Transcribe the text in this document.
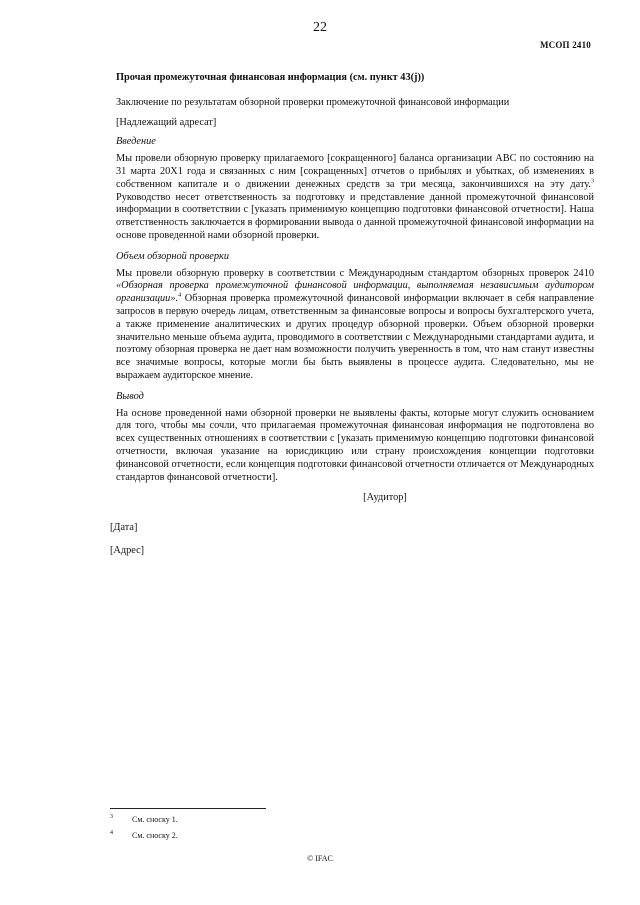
22
МСОП 2410
Прочая промежуточная финансовая информация (см. пункт 43(j))
Заключение по результатам обзорной проверки промежуточной финансовой информации
[Надлежащий адресат]
Введение
Мы провели обзорную проверку прилагаемого [сокращенного] баланса организации ABC по состоянию на 31 марта 20X1 года и связанных с ним [сокращенных] отчетов о прибылях и убытках, об изменениях в собственном капитале и о движении денежных средств за три месяца, закончившихся на эту дату.$^3$ Руководство несет ответственность за подготовку и представление данной промежуточной финансовой информации в соответствии с [указать применимую концепцию подготовки финансовой отчетности]. Наша ответственность заключается в формировании вывода о данной промежуточной финансовой информации на основе проведенной нами обзорной проверки.
Объем обзорной проверки
Мы провели обзорную проверку в соответствии с Международным стандартом обзорных проверок 2410 «Обзорная проверка промежуточной финансовой информации, выполняемая независимым аудитором организации».$^4$ Обзорная проверка промежуточной финансовой информации включает в себя направление запросов в первую очередь лицам, ответственным за финансовые вопросы и вопросы бухгалтерского учета, а также применение аналитических и других процедур обзорной проверки. Объем обзорной проверки значительно меньше объема аудита, проводимого в соответствии с Международными стандартами аудита, и поэтому обзорная проверка не дает нам возможности получить уверенность в том, что нам станут известны все значимые вопросы, которые могли бы быть выявлены в процессе аудита. Следовательно, мы не выражаем аудиторское мнение.
Вывод
На основе проведенной нами обзорной проверки не выявлены факты, которые могут служить основанием для того, чтобы мы сочли, что прилагаемая промежуточная финансовая информация не подготовлена во всех существенных отношениях в соответствии с [указать применимую концепцию подготовки финансовой отчетности, включая указание на юрисдикцию или страну происхождения концепции подготовки финансовой отчетности, если концепция подготовки финансовой отчетности отличается от Международных стандартов финансовой отчетности].
[Аудитор]
[Дата]
[Адрес]
3 См. сноску 1.
4 См. сноску 2.
© IFAC
